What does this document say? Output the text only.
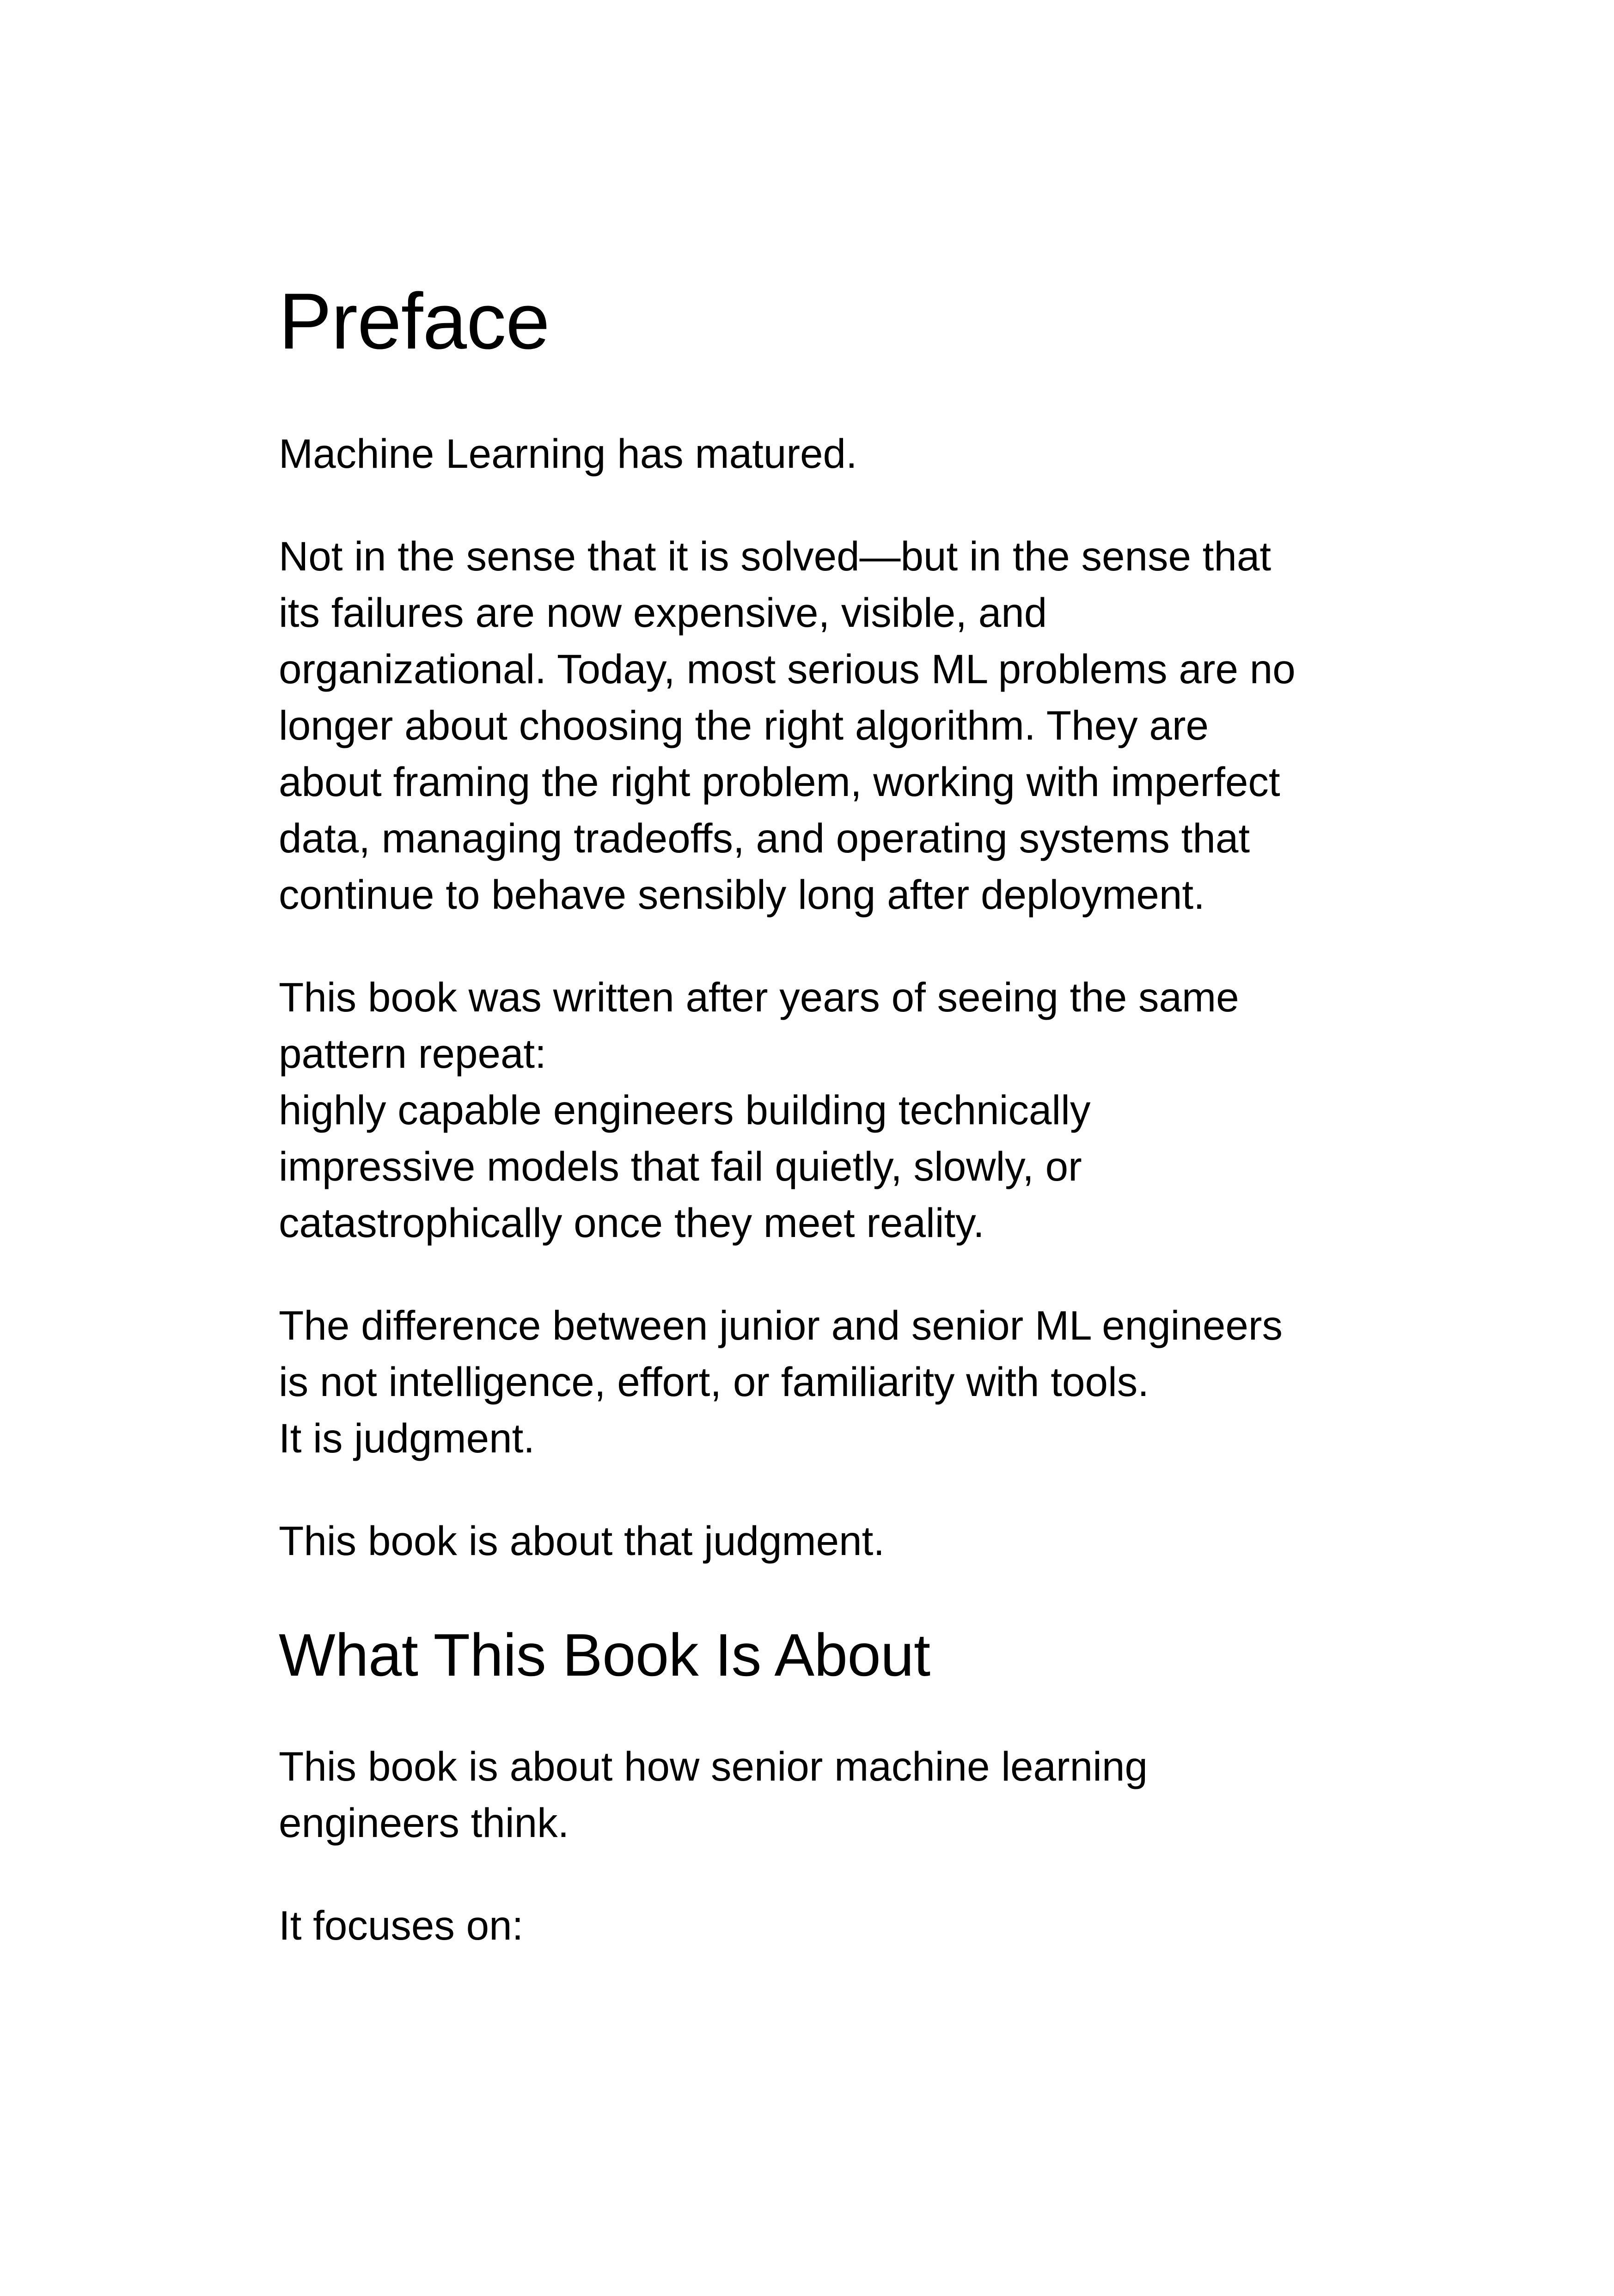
Preface

Machine Learning has matured.

Not in the sense that it is solved—but in the sense that
its failures are now expensive, visible, and
organizational. Today, most serious ML problems are no
longer about choosing the right algorithm. They are
about framing the right problem, working with imperfect
data, managing tradeoffs, and operating systems that
continue to behave sensibly long after deployment.

This book was written after years of seeing the same
pattern repeat:
highly capable engineers building technically
impressive models that fail quietly, slowly, or
catastrophically once they meet reality.

The difference between junior and senior ML engineers
is not intelligence, effort, or familiarity with tools.
It is judgment.

This book is about that judgment.

What This Book Is About

This book is about how senior machine learning
engineers think.

It focuses on:
